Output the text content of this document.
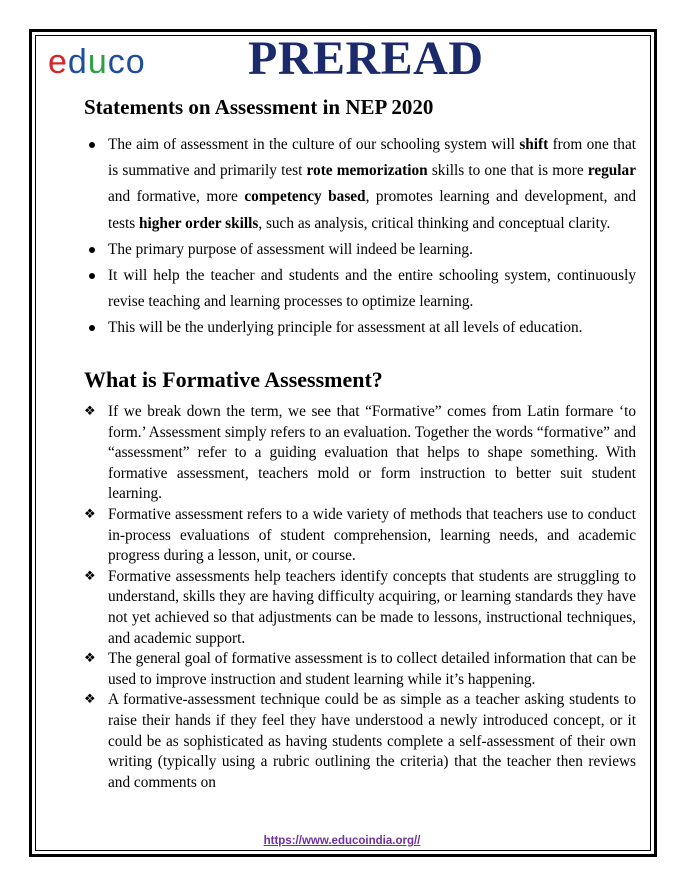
educo PREREAD
Statements on Assessment in NEP 2020
The aim of assessment in the culture of our schooling system will shift from one that is summative and primarily test rote memorization skills to one that is more regular and formative, more competency based, promotes learning and development, and tests higher order skills, such as analysis, critical thinking and conceptual clarity.
The primary purpose of assessment will indeed be learning.
It will help the teacher and students and the entire schooling system, continuously revise teaching and learning processes to optimize learning.
This will be the underlying principle for assessment at all levels of education.
What is Formative Assessment?
❖ If we break down the term, we see that “Formative” comes from Latin formare ‘to form.’ Assessment simply refers to an evaluation. Together the words “formative” and “assessment” refer to a guiding evaluation that helps to shape something. With formative assessment, teachers mold or form instruction to better suit student learning.
❖ Formative assessment refers to a wide variety of methods that teachers use to conduct in-process evaluations of student comprehension, learning needs, and academic progress during a lesson, unit, or course.
❖ Formative assessments help teachers identify concepts that students are struggling to understand, skills they are having difficulty acquiring, or learning standards they have not yet achieved so that adjustments can be made to lessons, instructional techniques, and academic support.
❖ The general goal of formative assessment is to collect detailed information that can be used to improve instruction and student learning while it’s happening.
❖ A formative-assessment technique could be as simple as a teacher asking students to raise their hands if they feel they have understood a newly introduced concept, or it could be as sophisticated as having students complete a self-assessment of their own writing (typically using a rubric outlining the criteria) that the teacher then reviews and comments on
https://www.educoindia.org//
